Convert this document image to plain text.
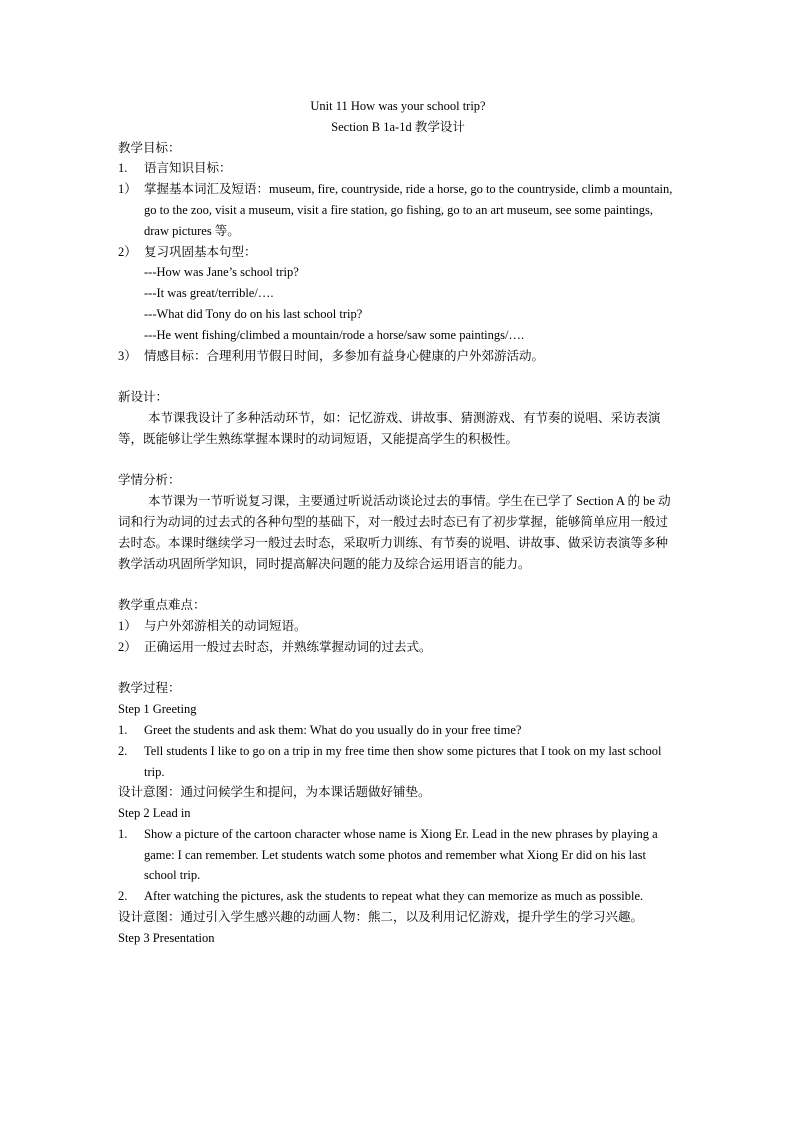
Unit 11 How was your school trip?
Section B 1a-1d 教学设计
教学目标：
1.	语言知识目标：
1） 掌握基本词汇及短语：museum, fire, countryside, ride a horse, go to the countryside, climb a mountain, go to the zoo, visit a museum, visit a fire station, go fishing, go to an art museum, see some paintings, draw pictures 等。
2） 复习巩固基本句型：
---How was Jane’s school trip?
---It was great/terrible/….
---What did Tony do on his last school trip?
---He went fishing/climbed a mountain/rode a horse/saw some paintings/….
3） 情感目标：合理利用节假日时间，多参加有益身心健康的户外郊游活动。
新设计：
本节课我设计了多种活动环节，如：记忆游戏、讲故事、猜测游戏、有节奏的说唱、采访表演等，既能够让学生熟练掌握本课时的动词短语，又能提高学生的积极性。
学情分析：
本节课为一节听说复习课，主要通过听说活动谈论过去的事情。学生在已学了 Section A 的 be 动词和行为动词的过去式的各种句型的基础下，对一般过去时态已有了初步掌握，能够简单应用一般过去时态。本课时继续学习一般过去时态，采取听力训练、有节奏的说唱、讲故事、做采访表演等多种教学活动巩固所学知识，同时提高解决问题的能力及综合运用语言的能力。
教学重点难点：
1） 与户外郊游相关的动词短语。
2） 正确运用一般过去时态，并熟练掌握动词的过去式。
教学过程：
Step 1 Greeting
1.	Greet the students and ask them: What do you usually do in your free time?
2.	Tell students I like to go on a trip in my free time then show some pictures that I took on my last school trip.
设计意图：通过问候学生和提问，为本课话题做好铺垫。
Step 2 Lead in
1.	Show a picture of the cartoon character whose name is Xiong Er. Lead in the new phrases by playing a game: I can remember. Let students watch some photos and remember what Xiong Er did on his last school trip.
2.	After watching the pictures, ask the students to repeat what they can memorize as much as possible.
设计意图：通过引入学生感兴趣的动画人物：熊二，以及利用记忆游戏，提升学生的学习兴趣。
Step 3 Presentation
